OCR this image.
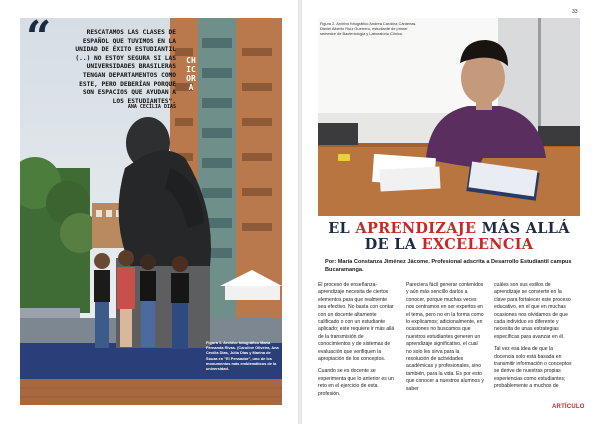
CHICORA
“	RESCATAMOS LAS CLASES DE
ESPAÑOL QUE TUVIMOS EN LA
UNIDAD DE ÉXITO ESTUDIANTIL
(..) NO ESTOY SEGURA SI LAS
UNIVERSIDADES BRASILERAS
TENGAN DEPARTAMENTOS COMO
ESTE, PERO DEBERÍAN PORQUE
SON ESPACIOS QUE AYUDAN A
LOS ESTUDIANTES".
ANA CECÍLIA DIAS
Figura 1. Archivo fotográfico María Fernanda Rivas. (Caroline Oliveira, Ana Cecília Dias, Júlia Dias y Marina de Souza en "El Pensador", uno de los monumentos más emblemáticos de la universidad.
33
Figura 2. Archivo fotográfico Andrea Carolina Cárdenas. Daniel Alberto Ruíz Guerrero, estudiante de primer semestre de Bacteriología y Laboratorio Clínico.
EL APRENDIZAJE MÁS ALLÁ
DE LA EXCELENCIA
Por: María Constanza Jiménez Jácome. Profesional adscrita a Desarrollo Estudiantil campus Bucaramanga.

El proceso de enseñanza-aprendizaje necesita de ciertos elementos para que realmente sea efectivo. No basta con contar con un docente altamente calificado o con un estudiante aplicado; este requiere ir más allá de la transmisión de conocimientos y de sistemas de evaluación que verifiquen la apropiación de los conceptos.

Cuando se es docente se experimenta que lo anterior es un reto en el ejercicio de esta profesión.

Pareciera fácil generar contenidos y aún más sencillo darlos a conocer, porque muchas veces nos centramos en ser expertos en el tema, pero no en la forma como lo explicamos; adicionalmente, en ocasiones no buscamos que nuestros estudiantes generen un aprendizaje significativo, el cual no solo les sirva para la resolución de actividades académicas y profesionales, sino también, para la vida. Es por esto que conocer a nuestros alumnos y saber

cuáles son sus estilos de aprendizaje se convierte en la clave para fortalecer este proceso educativo, en el que en muchas ocasiones nos olvidamos de que cada individuo es diferente y necesita de unas estrategias específicas para avanzar en él.

Tal vez esa idea de que la docencia solo está basada en transmitir información o conceptos se derive de nuestras propias experiencias como estudiantes; probablemente a muchos de

ARTÍCULO
